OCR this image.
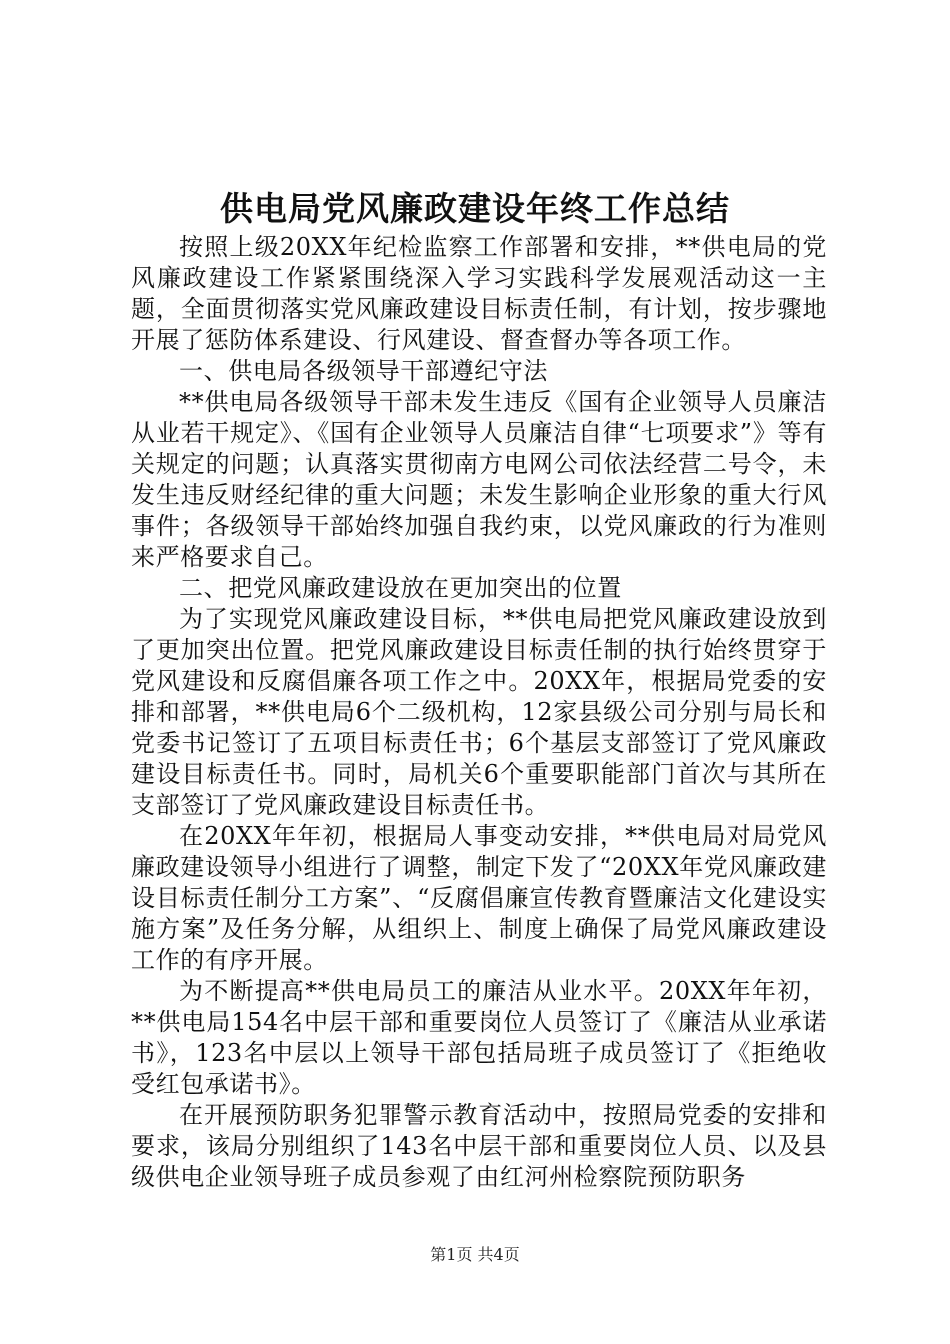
供电局党风廉政建设年终工作总结

按照上级20XX年纪检监察工作部署和安排，**供电局的党风廉政建设工作紧紧围绕深入学习实践科学发展观活动这一主题，全面贯彻落实党风廉政建设目标责任制，有计划，按步骤地开展了惩防体系建设、行风建设、督查督办等各项工作。

一、供电局各级领导干部遵纪守法

**供电局各级领导干部未发生违反《国有企业领导人员廉洁从业若干规定》、《国有企业领导人员廉洁自律“七项要求”》等有关规定的问题；认真落实贯彻南方电网公司依法经营二号令，未发生违反财经纪律的重大问题；未发生影响企业形象的重大行风事件；各级领导干部始终加强自我约束，以党风廉政的行为准则来严格要求自己。

二、把党风廉政建设放在更加突出的位置

为了实现党风廉政建设目标，**供电局把党风廉政建设放到了更加突出位置。把党风廉政建设目标责任制的执行始终贯穿于党风建设和反腐倡廉各项工作之中。20XX年，根据局党委的安排和部署，**供电局6个二级机构，12家县级公司分别与局长和党委书记签订了五项目标责任书；6个基层支部签订了党风廉政建设目标责任书。同时，局机关6个重要职能部门首次与其所在支部签订了党风廉政建设目标责任书。

在20XX年年初，根据局人事变动安排，**供电局对局党风廉政建设领导小组进行了调整，制定下发了“20XX年党风廉政建设目标责任制分工方案”、“反腐倡廉宣传教育暨廉洁文化建设实施方案”及任务分解，从组织上、制度上确保了局党风廉政建设工作的有序开展。

为不断提高**供电局员工的廉洁从业水平。20XX年年初，**供电局154名中层干部和重要岗位人员签订了《廉洁从业承诺书》，123名中层以上领导干部包括局班子成员签订了《拒绝收受红包承诺书》。

在开展预防职务犯罪警示教育活动中，按照局党委的安排和要求，该局分别组织了143名中层干部和重要岗位人员、以及县级供电企业领导班子成员参观了由红河州检察院预防职务

第1页 共4页
